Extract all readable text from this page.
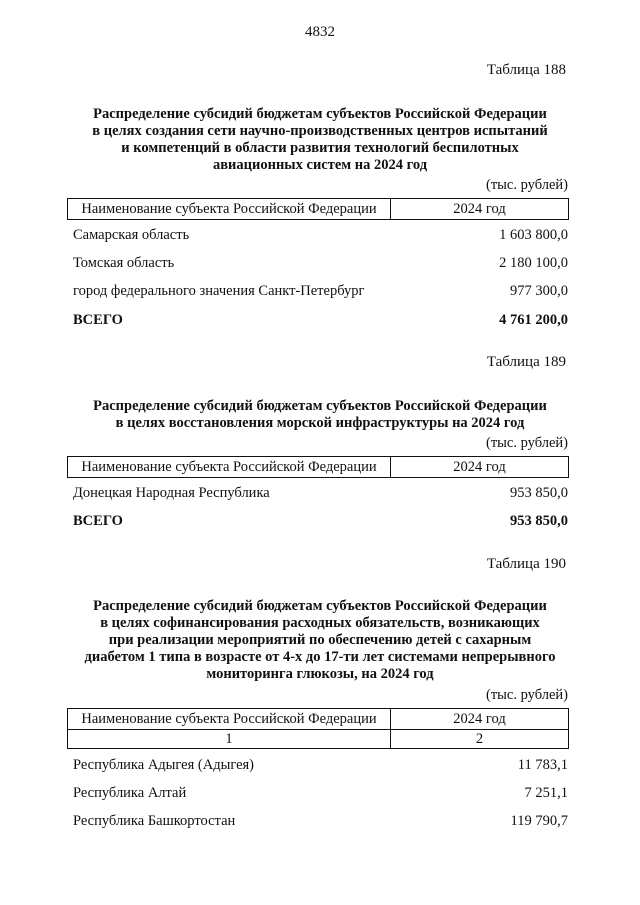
4832
Таблица 188
Распределение субсидий бюджетам субъектов Российской Федерации
в целях создания сети научно-производственных центров испытаний
и компетенций в области развития технологий беспилотных
авиационных систем на 2024 год
(тыс. рублей)
Наименование субъекта Российской Федерации	2024 год
Самарская область	1 603 800,0
Томская область	2 180 100,0
город федерального значения Санкт-Петербург	977 300,0
ВСЕГО	4 761 200,0
Таблица 189
Распределение субсидий бюджетам субъектов Российской Федерации
в целях восстановления морской инфраструктуры на 2024 год
(тыс. рублей)
Наименование субъекта Российской Федерации	2024 год
Донецкая Народная Республика	953 850,0
ВСЕГО	953 850,0
Таблица 190
Распределение субсидий бюджетам субъектов Российской Федерации
в целях софинансирования расходных обязательств, возникающих
при реализации мероприятий по обеспечению детей с сахарным
диабетом 1 типа в возрасте от 4-х до 17-ти лет системами непрерывного
мониторинга глюкозы, на 2024 год
(тыс. рублей)
Наименование субъекта Российской Федерации	2024 год
1	2
Республика Адыгея (Адыгея)	11 783,1
Республика Алтай	7 251,1
Республика Башкортостан	119 790,7
